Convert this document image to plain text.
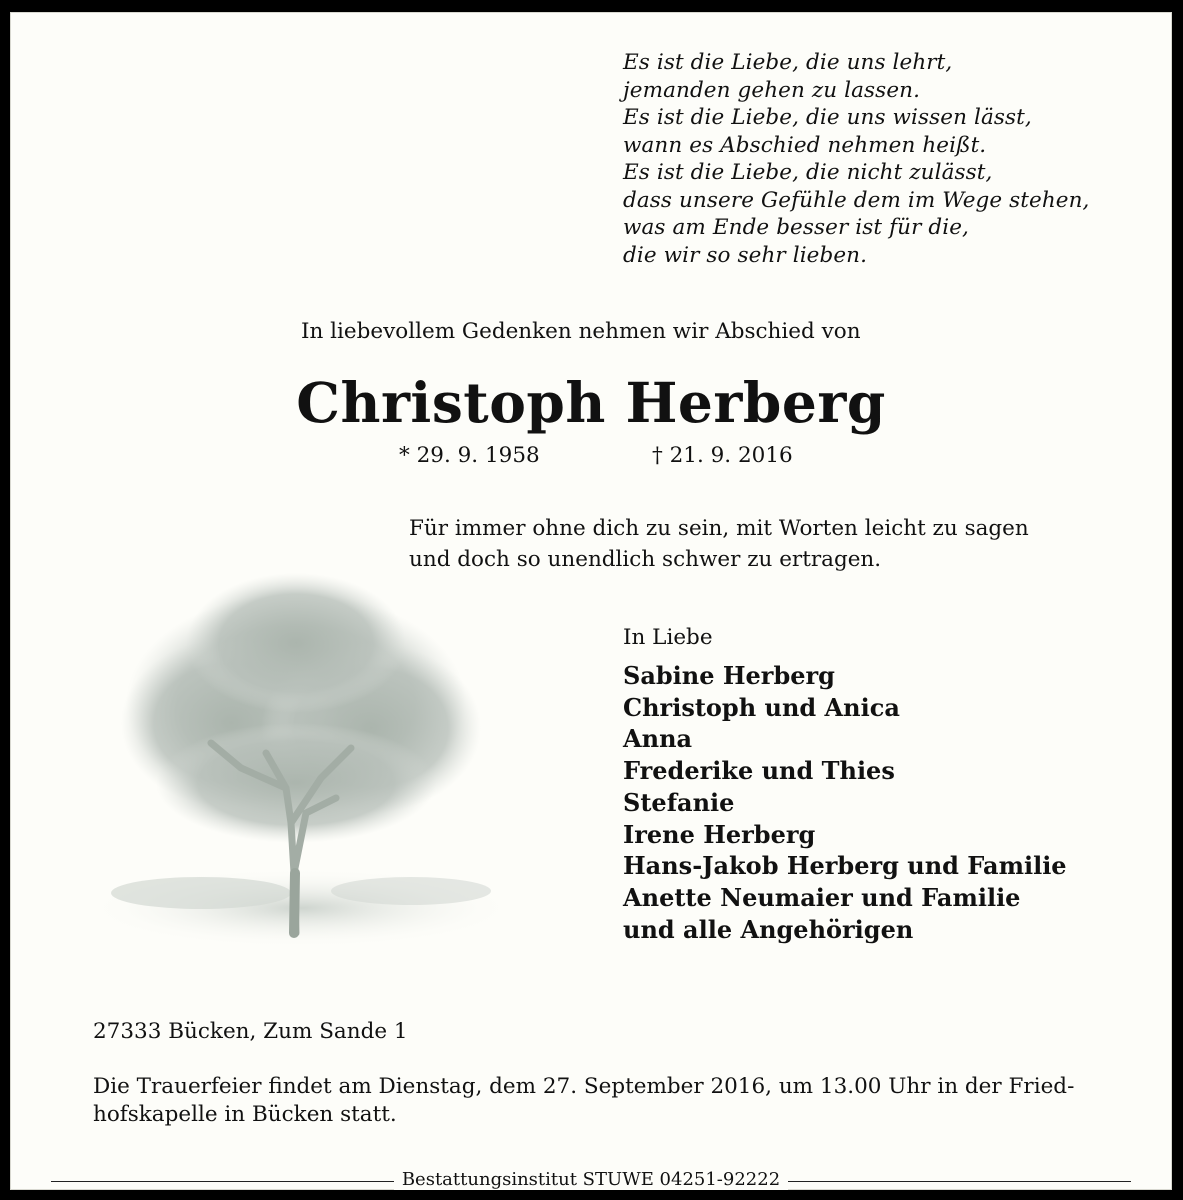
Es ist die Liebe, die uns lehrt,
jemanden gehen zu lassen.
Es ist die Liebe, die uns wissen lässt,
wann es Abschied nehmen heißt.
Es ist die Liebe, die nicht zulässt,
dass unsere Gefühle dem im Wege stehen,
was am Ende besser ist für die,
die wir so sehr lieben.
In liebevollem Gedenken nehmen wir Abschied von
Christoph Herberg
* 29. 9. 1958	† 21. 9. 2016
Für immer ohne dich zu sein, mit Worten leicht zu sagen
und doch so unendlich schwer zu ertragen.
In Liebe
Sabine Herberg
Christoph und Anica
Anna
Frederike und Thies
Stefanie
Irene Herberg
Hans-Jakob Herberg und Familie
Anette Neumaier und Familie
und alle Angehörigen
27333 Bücken, Zum Sande 1
Die Trauerfeier findet am Dienstag, dem 27. September 2016, um 13.00 Uhr in der Fried-
hofskapelle in Bücken statt.
Bestattungsinstitut STUWE 04251-92222
